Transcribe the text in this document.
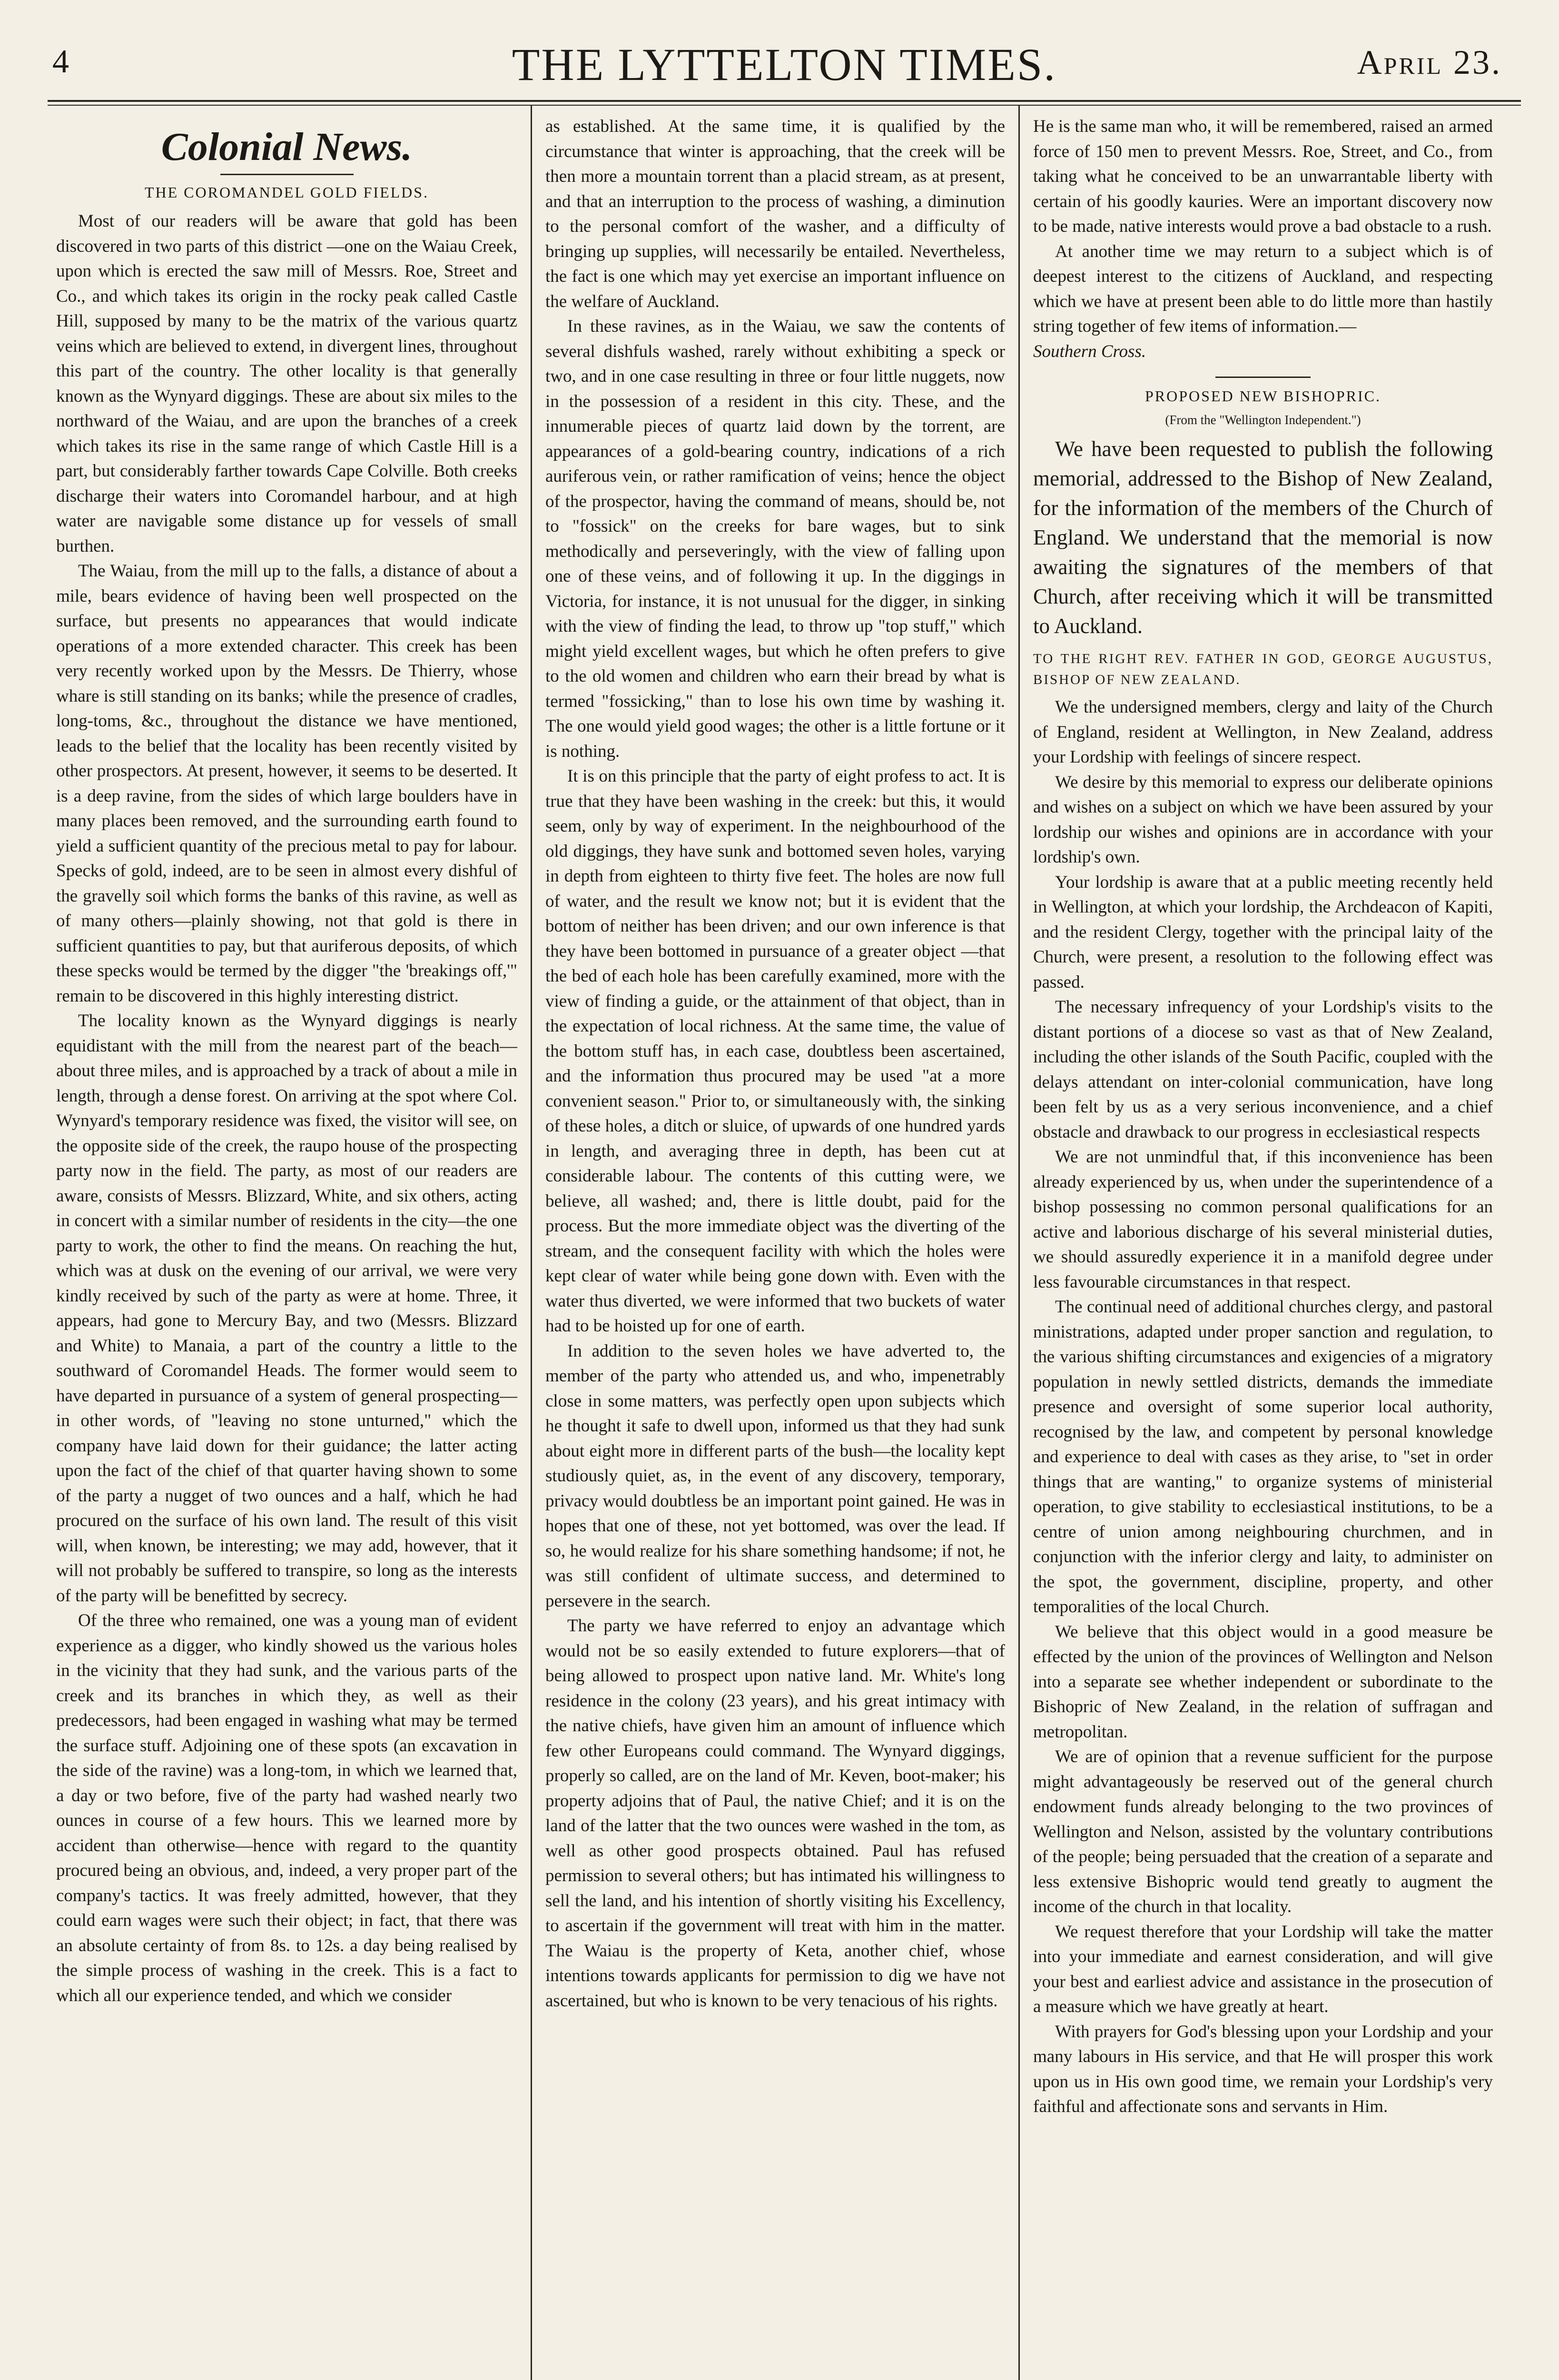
4	THE LYTTELTON TIMES.	April 23.
Colonial News.
THE COROMANDEL GOLD FIELDS.

Most of our readers will be aware that gold has been discovered in two parts of this district —one on the Waiau Creek, upon which is erected the saw mill of Messrs. Roe, Street and Co., and which takes its origin in the rocky peak called Castle Hill, supposed by many to be the matrix of the various quartz veins which are believed to extend, in divergent lines, throughout this part of the country. The other locality is that generally known as the Wynyard diggings. These are about six miles to the northward of the Waiau, and are upon the branches of a creek which takes its rise in the same range of which Castle Hill is a part, but considerably farther towards Cape Colville. Both creeks discharge their waters into Coromandel harbour, and at high water are navigable some distance up for vessels of small burthen.

The Waiau, from the mill up to the falls, a distance of about a mile, bears evidence of having been well prospected on the surface, but presents no appearances that would indicate operations of a more extended character. This creek has been very recently worked upon by the Messrs. De Thierry, whose whare is still standing on its banks; while the presence of cradles, long-toms, &c., throughout the distance we have mentioned, leads to the belief that the locality has been recently visited by other prospectors. At present, however, it seems to be deserted. It is a deep ravine, from the sides of which large boulders have in many places been removed, and the surrounding earth found to yield a sufficient quantity of the precious metal to pay for labour. Specks of gold, indeed, are to be seen in almost every dishful of the gravelly soil which forms the banks of this ravine, as well as of many others—plainly showing, not that gold is there in sufficient quantities to pay, but that auriferous deposits, of which these specks would be termed by the digger "the 'breakings off,'" remain to be discovered in this highly interesting district.

The locality known as the Wynyard diggings is nearly equidistant with the mill from the nearest part of the beach—about three miles, and is approached by a track of about a mile in length, through a dense forest. On arriving at the spot where Col. Wynyard's temporary residence was fixed, the visitor will see, on the opposite side of the creek, the raupo house of the prospecting party now in the field. The party, as most of our readers are aware, consists of Messrs. Blizzard, White, and six others, acting in concert with a similar number of residents in the city—the one party to work, the other to find the means. On reaching the hut, which was at dusk on the evening of our arrival, we were very kindly received by such of the party as were at home. Three, it appears, had gone to Mercury Bay, and two (Messrs. Blizzard and White) to Manaia, a part of the country a little to the southward of Coromandel Heads. The former would seem to have departed in pursuance of a system of general prospecting—in other words, of "leaving no stone unturned," which the company have laid down for their guidance; the latter acting upon the fact of the chief of that quarter having shown to some of the party a nugget of two ounces and a half, which he had procured on the surface of his own land. The result of this visit will, when known, be interesting; we may add, however, that it will not probably be suffered to transpire, so long as the interests of the party will be benefitted by secrecy.

Of the three who remained, one was a young man of evident experience as a digger, who kindly showed us the various holes in the vicinity that they had sunk, and the various parts of the creek and its branches in which they, as well as their predecessors, had been engaged in washing what may be termed the surface stuff. Adjoining one of these spots (an excavation in the side of the ravine) was a long-tom, in which we learned that, a day or two before, five of the party had washed nearly two ounces in course of a few hours. This we learned more by accident than otherwise—hence with regard to the quantity procured being an obvious, and, indeed, a very proper part of the company's tactics. It was freely admitted, however, that they could earn wages were such their object; in fact, that there was an absolute certainty of from 8s. to 12s. a day being realised by the simple process of washing in the creek. This is a fact to which all our experience tended, and which we consider

as established. At the same time, it is qualified by the circumstance that winter is approaching, that the creek will be then more a mountain torrent than a placid stream, as at present, and that an interruption to the process of washing, a diminution to the personal comfort of the washer, and a difficulty of bringing up supplies, will necessarily be entailed. Nevertheless, the fact is one which may yet exercise an important influence on the welfare of Auckland.

In these ravines, as in the Waiau, we saw the contents of several dishfuls washed, rarely without exhibiting a speck or two, and in one case resulting in three or four little nuggets, now in the possession of a resident in this city. These, and the innumerable pieces of quartz laid down by the torrent, are appearances of a gold-bearing country, indications of a rich auriferous vein, or rather ramification of veins; hence the object of the prospector, having the command of means, should be, not to "fossick" on the creeks for bare wages, but to sink methodically and perseveringly, with the view of falling upon one of these veins, and of following it up. In the diggings in Victoria, for instance, it is not unusual for the digger, in sinking with the view of finding the lead, to throw up "top stuff," which might yield excellent wages, but which he often prefers to give to the old women and children who earn their bread by what is termed "fossicking," than to lose his own time by washing it. The one would yield good wages; the other is a little fortune or it is nothing.

It is on this principle that the party of eight profess to act. It is true that they have been washing in the creek: but this, it would seem, only by way of experiment. In the neighbourhood of the old diggings, they have sunk and bottomed seven holes, varying in depth from eighteen to thirty five feet. The holes are now full of water, and the result we know not; but it is evident that the bottom of neither has been driven; and our own inference is that they have been bottomed in pursuance of a greater object —that the bed of each hole has been carefully examined, more with the view of finding a guide, or the attainment of that object, than in the expectation of local richness. At the same time, the value of the bottom stuff has, in each case, doubtless been ascertained, and the information thus procured may be used "at a more convenient season." Prior to, or simultaneously with, the sinking of these holes, a ditch or sluice, of upwards of one hundred yards in length, and averaging three in depth, has been cut at considerable labour. The contents of this cutting were, we believe, all washed; and, there is little doubt, paid for the process. But the more immediate object was the diverting of the stream, and the consequent facility with which the holes were kept clear of water while being gone down with. Even with the water thus diverted, we were informed that two buckets of water had to be hoisted up for one of earth.

In addition to the seven holes we have adverted to, the member of the party who attended us, and who, impenetrably close in some matters, was perfectly open upon subjects which he thought it safe to dwell upon, informed us that they had sunk about eight more in different parts of the bush—the locality kept studiously quiet, as, in the event of any discovery, temporary, privacy would doubtless be an important point gained. He was in hopes that one of these, not yet bottomed, was over the lead. If so, he would realize for his share something handsome; if not, he was still confident of ultimate success, and determined to persevere in the search.

The party we have referred to enjoy an advantage which would not be so easily extended to future explorers—that of being allowed to prospect upon native land. Mr. White's long residence in the colony (23 years), and his great intimacy with the native chiefs, have given him an amount of influence which few other Europeans could command. The Wynyard diggings, properly so called, are on the land of Mr. Keven, boot-maker; his property adjoins that of Paul, the native Chief; and it is on the land of the latter that the two ounces were washed in the tom, as well as other good prospects obtained. Paul has refused permission to several others; but has intimated his willingness to sell the land, and his intention of shortly visiting his Excellency, to ascertain if the government will treat with him in the matter. The Waiau is the property of Keta, another chief, whose intentions towards applicants for permission to dig we have not ascertained, but who is known to be very tenacious of his rights.

He is the same man who, it will be remembered, raised an armed force of 150 men to prevent Messrs. Roe, Street, and Co., from taking what he conceived to be an unwarrantable liberty with certain of his goodly kauries. Were an important discovery now to be made, native interests would prove a bad obstacle to a rush.

At another time we may return to a subject which is of deepest interest to the citizens of Auckland, and respecting which we have at present been able to do little more than hastily string together of few items of information.—

Southern Cross.

PROPOSED NEW BISHOPRIC.
(From the "Wellington Independent.")

We have been requested to publish the following memorial, addressed to the Bishop of New Zealand, for the information of the members of the Church of England. We understand that the memorial is now awaiting the signatures of the members of that Church, after receiving which it will be transmitted to Auckland.

TO THE RIGHT REV. FATHER IN GOD, GEORGE AUGUSTUS, BISHOP OF NEW ZEALAND.

We the undersigned members, clergy and laity of the Church of England, resident at Wellington, in New Zealand, address your Lordship with feelings of sincere respect.

We desire by this memorial to express our deliberate opinions and wishes on a subject on which we have been assured by your lordship our wishes and opinions are in accordance with your lordship's own.

Your lordship is aware that at a public meeting recently held in Wellington, at which your lordship, the Archdeacon of Kapiti, and the resident Clergy, together with the principal laity of the Church, were present, a resolution to the following effect was passed.

The necessary infrequency of your Lordship's visits to the distant portions of a diocese so vast as that of New Zealand, including the other islands of the South Pacific, coupled with the delays attendant on inter-colonial communication, have long been felt by us as a very serious inconvenience, and a chief obstacle and drawback to our progress in ecclesiastical respects

We are not unmindful that, if this inconvenience has been already experienced by us, when under the superintendence of a bishop possessing no common personal qualifications for an active and laborious discharge of his several ministerial duties, we should assuredly experience it in a manifold degree under less favourable circumstances in that respect.

The continual need of additional churches clergy, and pastoral ministrations, adapted under proper sanction and regulation, to the various shifting circumstances and exigencies of a migratory population in newly settled districts, demands the immediate presence and oversight of some superior local authority, recognised by the law, and competent by personal knowledge and experience to deal with cases as they arise, to "set in order things that are wanting," to organize systems of ministerial operation, to give stability to ecclesiastical institutions, to be a centre of union among neighbouring churchmen, and in conjunction with the inferior clergy and laity, to administer on the spot, the government, discipline, property, and other temporalities of the local Church.

We believe that this object would in a good measure be effected by the union of the provinces of Wellington and Nelson into a separate see whether independent or subordinate to the Bishopric of New Zealand, in the relation of suffragan and metropolitan.

We are of opinion that a revenue sufficient for the purpose might advantageously be reserved out of the general church endowment funds already belonging to the two provinces of Wellington and Nelson, assisted by the voluntary contributions of the people; being persuaded that the creation of a separate and less extensive Bishopric would tend greatly to augment the income of the church in that locality.

We request therefore that your Lordship will take the matter into your immediate and earnest consideration, and will give your best and earliest advice and assistance in the prosecution of a measure which we have greatly at heart.

With prayers for God's blessing upon your Lordship and your many labours in His service, and that He will prosper this work upon us in His own good time, we remain your Lordship's very faithful and affectionate sons and servants in Him.
